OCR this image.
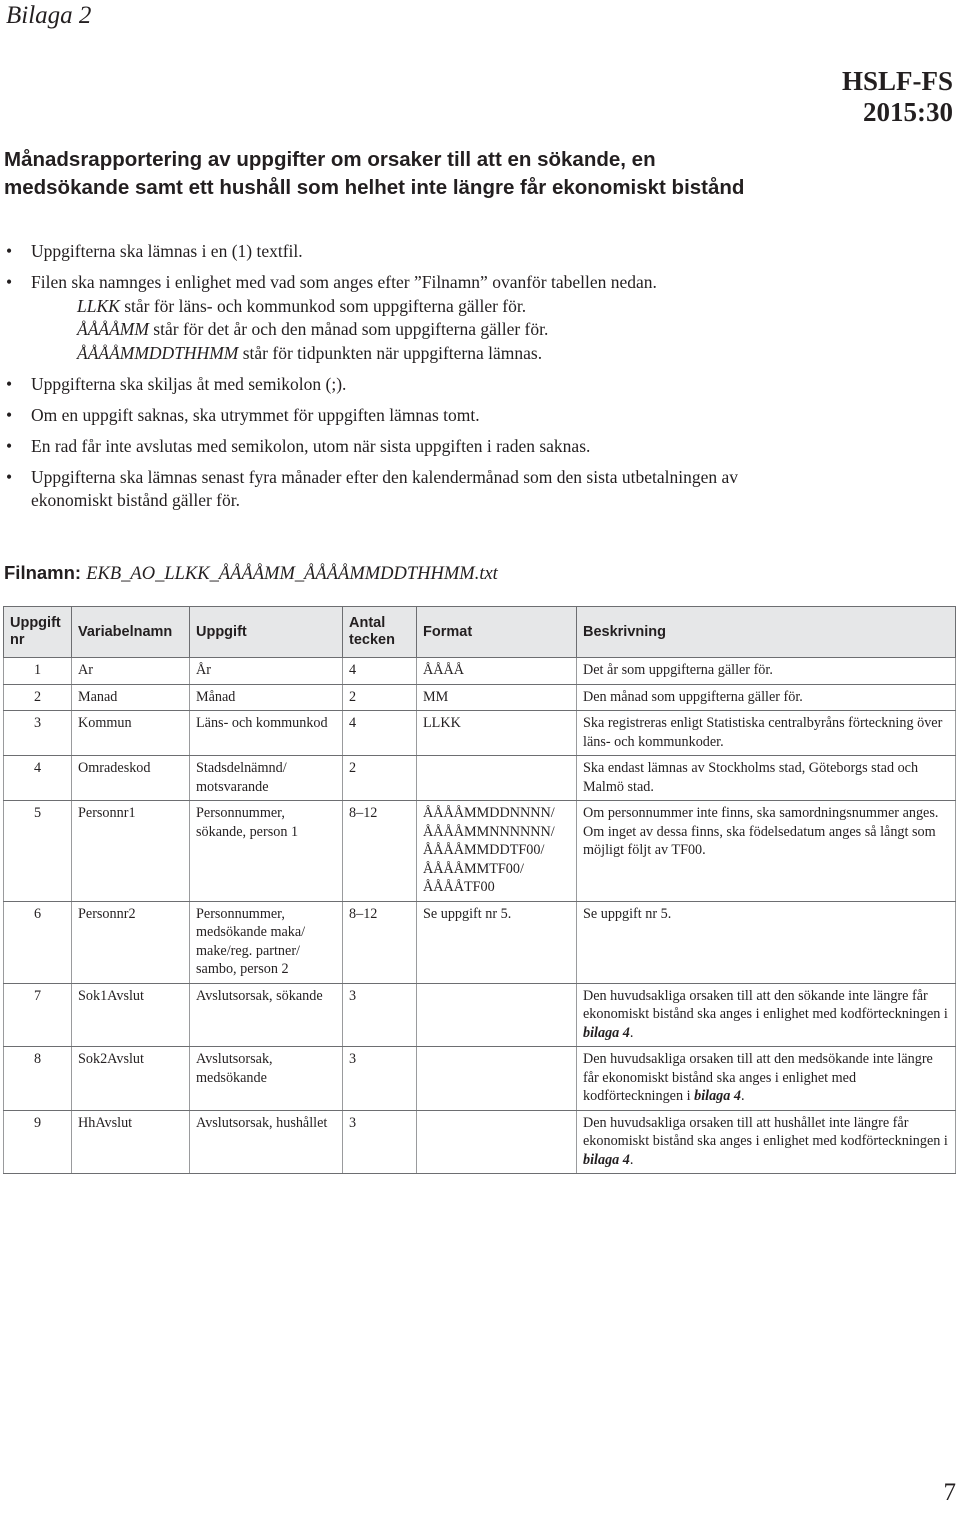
Bilaga 2
HSLF-FS
2015:30
Månadsrapportering av uppgifter om orsaker till att en sökande, en medsökande samt ett hushåll som helhet inte längre får ekonomiskt bistånd
• Uppgifterna ska lämnas i en (1) textfil.
• Filen ska namnges i enlighet med vad som anges efter ”Filnamn” ovanför tabellen nedan.
LLKK står för läns- och kommunkod som uppgifterna gäller för.
ÅÅÅÅMM står för det år och den månad som uppgifterna gäller för.
ÅÅÅÅMMDDTHHMM står för tidpunkten när uppgifterna lämnas.
• Uppgifterna ska skiljas åt med semikolon (;).
• Om en uppgift saknas, ska utrymmet för uppgiften lämnas tomt.
• En rad får inte avslutas med semikolon, utom när sista uppgiften i raden saknas.
• Uppgifterna ska lämnas senast fyra månader efter den kalendermånad som den sista utbetalningen av ekonomiskt bistånd gäller för.
Filnamn: EKB_AO_LLKK_ÅÅÅÅMM_ÅÅÅÅMMDDTHHMM.txt
Uppgift nr	Variabelnamn	Uppgift	Antal tecken	Format	Beskrivning
1	Ar	År	4	ÅÅÅÅ	Det år som uppgifterna gäller för.
2	Manad	Månad	2	MM	Den månad som uppgifterna gäller för.
3	Kommun	Läns- och kommunkod	4	LLKK	Ska registreras enligt Statistiska centralbyråns förteckning över läns- och kommunkoder.
4	Omradeskod	Stadsdelnämnd/ motsvarande	2		Ska endast lämnas av Stockholms stad, Göteborgs stad och Malmö stad.
5	Personnr1	Personnummer, sökande, person 1	8–12	ÅÅÅÅMMDDNNNN/ ÅÅÅÅMMNNNNNN/ ÅÅÅÅMMDDTF00/ ÅÅÅÅMMTF00/ ÅÅÅÅTF00	Om personnummer inte finns, ska samordningsnummer anges. Om inget av dessa finns, ska födelsedatum anges så långt som möjligt följt av TF00.
6	Personnr2	Personnummer, medsökande maka/ make/reg. partner/ sambo, person 2	8–12	Se uppgift nr 5.	Se uppgift nr 5.
7	Sok1Avslut	Avslutsorsak, sökande	3		Den huvudsakliga orsaken till att den sökande inte längre får ekonomiskt bistånd ska anges i enlighet med kodförteckningen i bilaga 4.
8	Sok2Avslut	Avslutsorsak, medsökande	3		Den huvudsakliga orsaken till att den medsökande inte längre får ekonomiskt bistånd ska anges i enlighet med kodförteckningen i bilaga 4.
9	HhAvslut	Avslutsorsak, hushållet	3		Den huvudsakliga orsaken till att hushållet inte längre får ekonomiskt bistånd ska anges i enlighet med kodförteckningen i bilaga 4.
7
